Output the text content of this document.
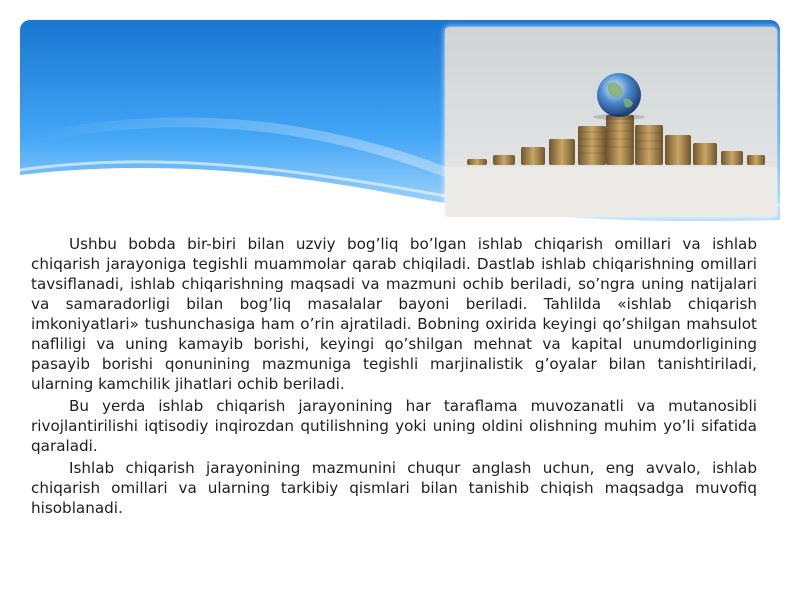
Ushbu bobda bir-biri bilan uzviy bog’liq bo’lgan ishlab chiqarish omillari va ishlab chiqarish jarayoniga tegishli muammolar qarab chiqiladi. Dastlab ishlab chiqarishning omillari tavsiflanadi, ishlab chiqarishning maqsadi va mazmuni ochib beriladi, so’ngra uning natijalari va samaradorligi bilan bog’liq masalalar bayoni beriladi. Tahlilda «ishlab chiqarish imkoniyatlari» tushunchasiga ham o’rin ajratiladi. Bobning oxirida keyingi qo’shilgan mahsulot nafliligi va uning kamayib borishi, keyingi qo’shilgan mehnat va kapital unumdorligining pasayib borishi qonunining mazmuniga tegishli marjinalistik g’oyalar bilan tanishtiriladi, ularning kamchilik jihatlari ochib beriladi.

Bu yerda ishlab chiqarish jarayonining har taraflama muvozanatli va mutanosibli rivojlantirilishi iqtisodiy inqirozdan qutilishning yoki uning oldini olishning muhim yo’li sifatida qaraladi.

Ishlab chiqarish jarayonining mazmunini chuqur anglash uchun, eng avvalo, ishlab chiqarish omillari va ularning tarkibiy qismlari bilan tanishib chiqish maqsadga muvofiq hisoblanadi.
